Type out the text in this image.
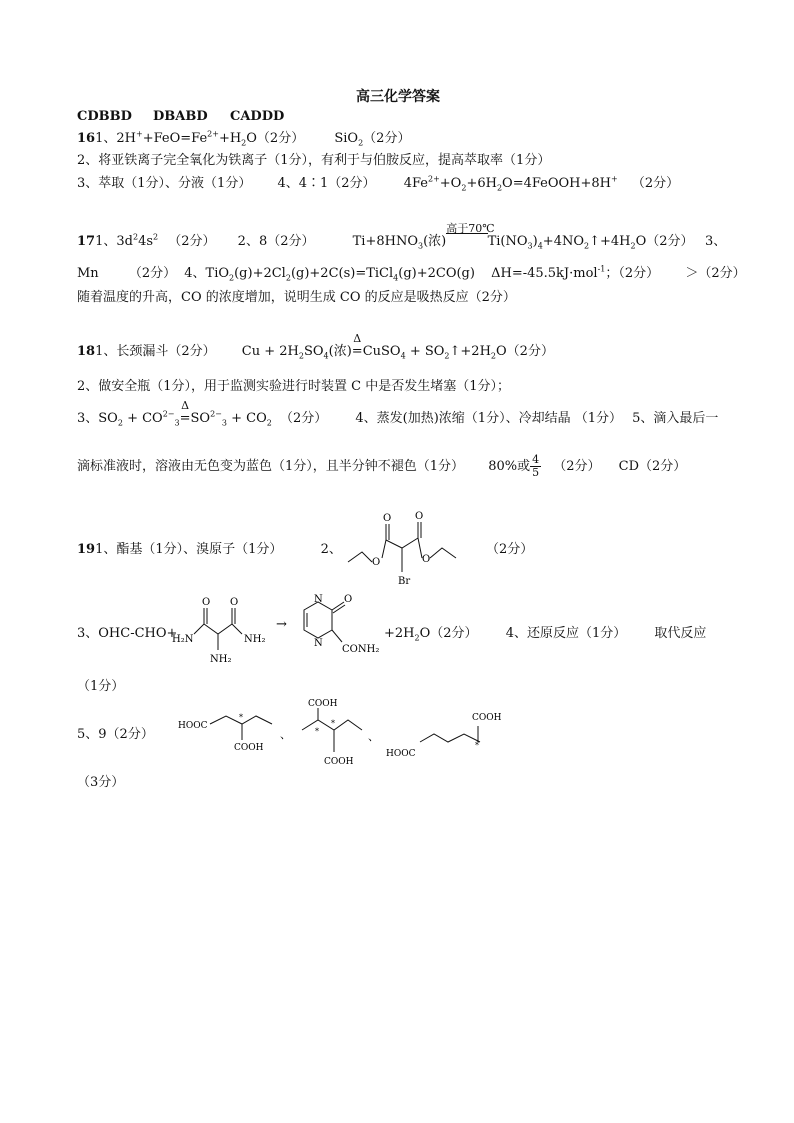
高三化学答案
CDBBD DBABD CADDD
161、$2H^++FeO=Fe^{2+}+H_2O(2$分） SiO$_2$（2分）
2、将亚铁离子完全氧化为铁离子（1分），有利于与伯胺反应，提高萃取率（1分）
3、萃取（1分）、分液（1分） 4、4∶1（2分） $4Fe^{2+}+O_2+6H_2O=4FeOOH+8H^+$ （2分）
171、$3d^24s^2$ （2分） 2、8（2分）	$Ti+8HNO_3$(浓)
高于70℃
$Ti(NO_3)_4+4NO_2↑+4H_2O(2$分） 3、
Mn （2分） 4、$TiO_2(g)+2Cl_2(g)+2C(s)=TiCl_4(g)+2CO(g)$ ΔH=-45.5kJ·mol$^{-1}$；（2分） ＞（2分）
随着温度的升高，CO 的浓度增加，说明生成 CO 的反应是吸热反应（2分）
181、长颈漏斗（2分） $Cu + 2H_2SO_4$(浓)
Δ
=CuSO$_4$ + $SO_2↑+2H_2O(2$分）
2、做安全瓶（1分），用于监测实验进行时装置 C 中是否发生堵塞（1分）；
3、$SO_2 + CO^{2-}_3$
Δ
$=SO^{2-}_3 + CO_2$ （2分） 4、蒸发(加热)浓缩（1分）、冷却结晶 （1分） 5、滴入最后一
滴标准液时，溶液由无色变为蓝色（1分），且半分钟不褪色（1分） 80%或 $\frac{4}{5} (2$分） CD（2分）
191、酯基（1分）、溴原子（1分）	2、
O O
O	O
Br
（2分）
3、OHC-CHO+
O O
H₂N	NH₂
NH₂
→
N
N
O
CONH₂
$+2H_2O(2$分） 4、还原反应（1分） 取代反应
（1分）
5、9（2分）
HOOC
*
COOH
、
COOH
*
*
COOH
、
HOOC
COOH
*
（3分）
